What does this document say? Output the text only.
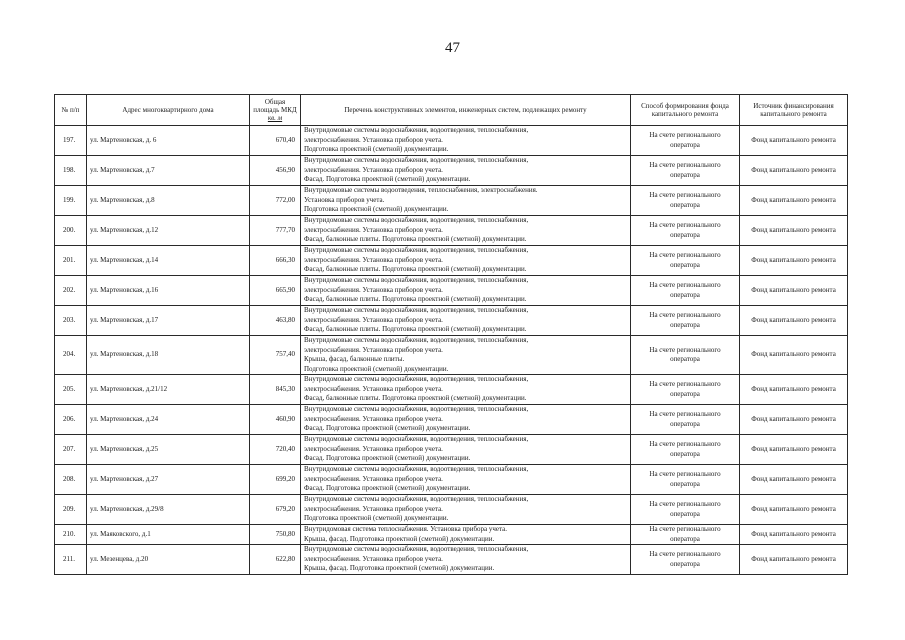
47
№ п/п	Адрес многоквартирного дома	Общая площадь МКД
кв. м	Перечень конструктивных элементов, инженерных систем, подлежащих ремонту	Способ формирования фонда капитального ремонта	Источник финансирования капитального ремонта
197.	ул. Мартеновская, д. 6	670,40	Внутридомовые системы водоснабжения, водоотведения, теплоснабжения,
электроснабжения. Установка приборов учета.
Подготовка проектной (сметной) документации.	На счете регионального оператора	Фонд капитального ремонта
198.	ул. Мартеновская, д.7	456,90	Внутридомовые системы водоснабжения, водоотведения, теплоснабжения,
электроснабжения. Установка приборов учета.
Фасад. Подготовка проектной (сметной) документации.	На счете регионального оператора	Фонд капитального ремонта
199.	ул. Мартеновская, д.8	772,00	Внутридомовые системы водоотведения, теплоснабжения, электроснабжения.
Установка приборов учета.
Подготовка проектной (сметной) документации.	На счете регионального оператора	Фонд капитального ремонта
200.	ул. Мартеновская, д.12	777,70	Внутридомовые системы водоснабжения, водоотведения, теплоснабжения,
электроснабжения. Установка приборов учета.
Фасад, балконные плиты. Подготовка проектной (сметной) документации.	На счете регионального оператора	Фонд капитального ремонта
201.	ул. Мартеновская, д.14	666,30	Внутридомовые системы водоснабжения, водоотведения, теплоснабжения,
электроснабжения. Установка приборов учета.
Фасад, балконные плиты. Подготовка проектной (сметной) документации.	На счете регионального оператора	Фонд капитального ремонта
202.	ул. Мартеновская, д.16	665,90	Внутридомовые системы водоснабжения, водоотведения, теплоснабжения,
электроснабжения. Установка приборов учета.
Фасад, балконные плиты. Подготовка проектной (сметной) документации.	На счете регионального оператора	Фонд капитального ремонта
203.	ул. Мартеновская, д.17	463,80	Внутридомовые системы водоснабжения, водоотведения, теплоснабжения,
электроснабжения. Установка приборов учета.
Фасад, балконные плиты. Подготовка проектной (сметной) документации.	На счете регионального оператора	Фонд капитального ремонта
204.	ул. Мартеновская, д.18	757,40	Внутридомовые системы водоснабжения, водоотведения, теплоснабжения,
электроснабжения. Установка приборов учета.
Крыша, фасад, балконные плиты.
Подготовка проектной (сметной) документации.	На счете регионального оператора	Фонд капитального ремонта
205.	ул. Мартеновская, д.21/12	845,30	Внутридомовые системы водоснабжения, водоотведения, теплоснабжения,
электроснабжения. Установка приборов учета.
Фасад, балконные плиты. Подготовка проектной (сметной) документации.	На счете регионального оператора	Фонд капитального ремонта
206.	ул. Мартеновская, д.24	460,90	Внутридомовые системы водоснабжения, водоотведения, теплоснабжения,
электроснабжения. Установка приборов учета.
Фасад. Подготовка проектной (сметной) документации.	На счете регионального оператора	Фонд капитального ремонта
207.	ул. Мартеновская, д.25	720,40	Внутридомовые системы водоснабжения, водоотведения, теплоснабжения,
электроснабжения. Установка приборов учета.
Фасад. Подготовка проектной (сметной) документации.	На счете регионального оператора	Фонд капитального ремонта
208.	ул. Мартеновская, д.27	699,20	Внутридомовые системы водоснабжения, водоотведения, теплоснабжения,
электроснабжения. Установка приборов учета.
Фасад. Подготовка проектной (сметной) документации.	На счете регионального оператора	Фонд капитального ремонта
209.	ул. Мартеновская, д.29/8	679,20	Внутридомовые системы водоснабжения, водоотведения, теплоснабжения,
электроснабжения. Установка приборов учета.
Подготовка проектной (сметной) документации.	На счете регионального оператора	Фонд капитального ремонта
210.	ул. Маяковского, д.1	750,80	Внутридомовая система теплоснабжения. Установка прибора учета.
Крыша, фасад. Подготовка проектной (сметной) документации.	На счете регионального оператора	Фонд капитального ремонта
211.	ул. Мезенцева, д.20	622,80	Внутридомовые системы водоснабжения, водоотведения, теплоснабжения,
электроснабжения. Установка приборов учета.
Крыша, фасад. Подготовка проектной (сметной) документации.	На счете регионального оператора	Фонд капитального ремонта
